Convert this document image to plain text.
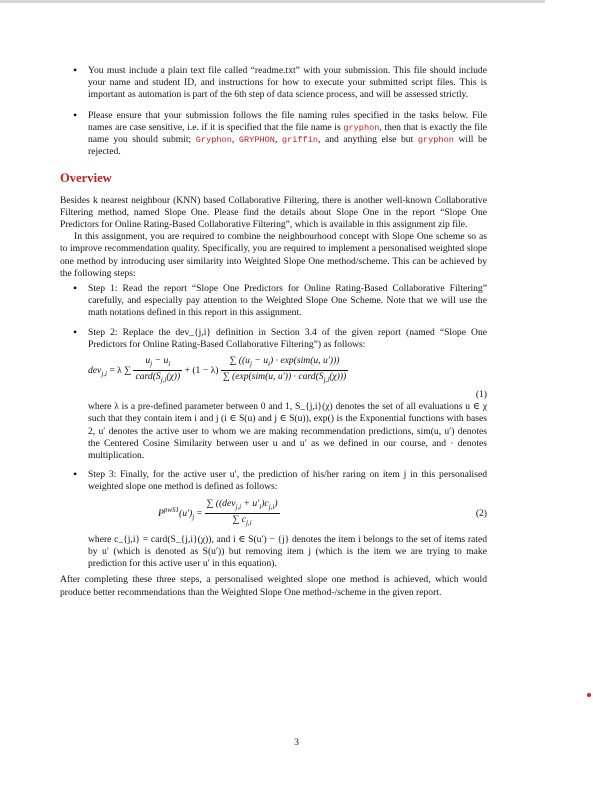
• You must include a plain text file called “readme.txt” with your submission. This file should include your name and student ID, and instructions for how to execute your submitted script files. This is important as automation is part of the 6th step of data science process, and will be assessed strictly.
• Please ensure that your submission follows the file naming rules specified in the tasks below. File names are case sensitive, i.e. if it is specified that the file name is gryphon, then that is exactly the file name you should submit; Gryphon, GRYPHON, griffin, and anything else but gryphon will be rejected.
Overview
Besides k nearest neighbour (KNN) based Collaborative Filtering, there is another well-known Collaborative Filtering method, named Slope One. Please find the details about Slope One in the report “Slope One Predictors for Online Rating-Based Collaborative Filtering”, which is available in this assignment zip file.
In this assignment, you are required to combine the neighbourhood concept with Slope One scheme so as to improve recommendation quality. Specifically, you are required to implement a personalised weighted slope one method by introducing user similarity into Weighted Slope One method/scheme. This can be achieved by the following steps:
• Step 1: Read the report “Slope One Predictors for Online Rating-Based Collaborative Filtering” carefully, and especially pay attention to the Weighted Slope One Scheme. Note that we will use the math notations defined in this report in this assignment.
• Step 2: Replace the dev_{j,i} definition in Section 3.4 of the given report (named “Slope One Predictors for Online Rating-Based Collaborative Filtering”) as follows:
dev$_{j,i}$ = λ ∑ $\frac{u_j - u_i}{card(S_{j,i}(\chi))} + (1 - \lambda) \frac{\sum ((u_j - u_i) \cdot \exp(sim(u, u')))}{\sum (\exp(sim(u, u')) \cdot card(S_{j,i}(\chi)))}$
(1)
where λ is a pre-defined parameter between 0 and 1, S_{j,i}(χ) denotes the set of all evaluations u ∈ χ such that they contain item i and j (i ∈ S(u) and j ∈ S(u)), exp() is the Exponential functions with bases 2, u′ denotes the active user to whom we are making recommendation predictions, sim(u, u′) denotes the Centered Cosine Similarity between user u and u′ as we defined in our course, and · denotes multiplication.
• Step 3: Finally, for the active user u′, the prediction of his/her raring on item j in this personalised weighted slope one method is defined as follows:
$P^{pwS1}(u')_j = \frac{\sum ((dev_{j,i} + u'_i)c_{j,i})}{\sum c_{j,i}}$	(2)
where c_{j,i} = card(S_{j,i}(χ)), and i ∈ S(u′) − {j} denotes the item i belongs to the set of items rated by u′ (which is denoted as S(u′)) but removing item j (which is the item we are trying to make prediction for this active user u′ in this equation).
After completing these three steps, a personalised weighted slope one method is achieved, which would produce better recommendations than the Weighted Slope One method-/scheme in the given report.
3
